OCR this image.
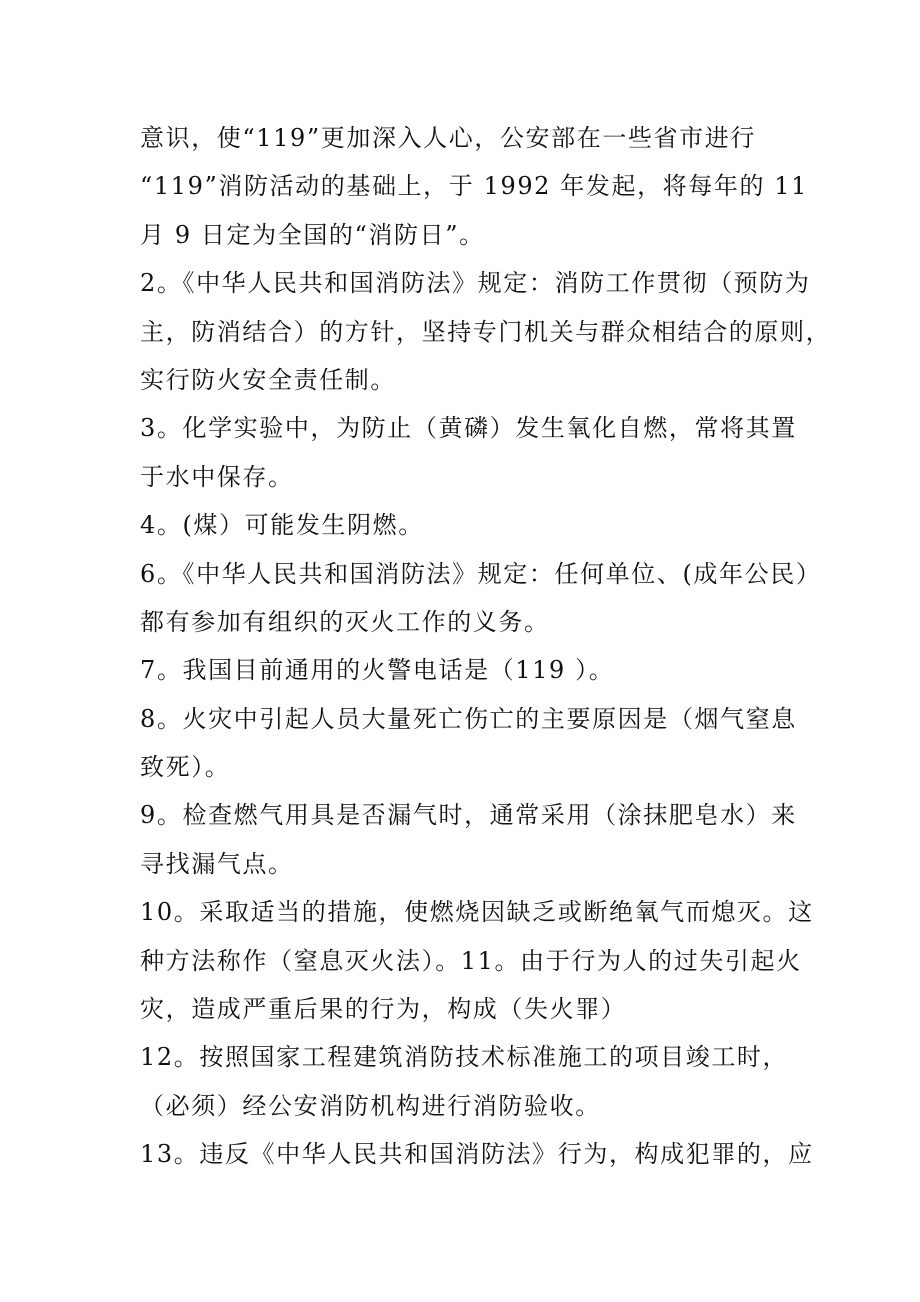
意识，使“119”更加深入人心，公安部在一些省市进行
“119”消防活动的基础上，于 1992 年发起，将每年的 11
月 9 日定为全国的“消防日”。
2。《中华人民共和国消防法》规定：消防工作贯彻（预防为
主，防消结合）的方针，坚持专门机关与群众相结合的原则，
实行防火安全责任制。
3。化学实验中，为防止（黄磷）发生氧化自燃，常将其置
于水中保存。
4。(煤）可能发生阴燃。
6。《中华人民共和国消防法》规定：任何单位、(成年公民）
都有参加有组织的灭火工作的义务。
7。我国目前通用的火警电话是（119 ）。
8。火灾中引起人员大量死亡伤亡的主要原因是（烟气窒息
致死）。
9。检查燃气用具是否漏气时，通常采用（涂抹肥皂水）来
寻找漏气点。
10。采取适当的措施，使燃烧因缺乏或断绝氧气而熄灭。这
种方法称作（窒息灭火法）。11。由于行为人的过失引起火
灾，造成严重后果的行为，构成（失火罪）
12。按照国家工程建筑消防技术标准施工的项目竣工时，
（必须）经公安消防机构进行消防验收。
13。违反《中华人民共和国消防法》行为，构成犯罪的，应
